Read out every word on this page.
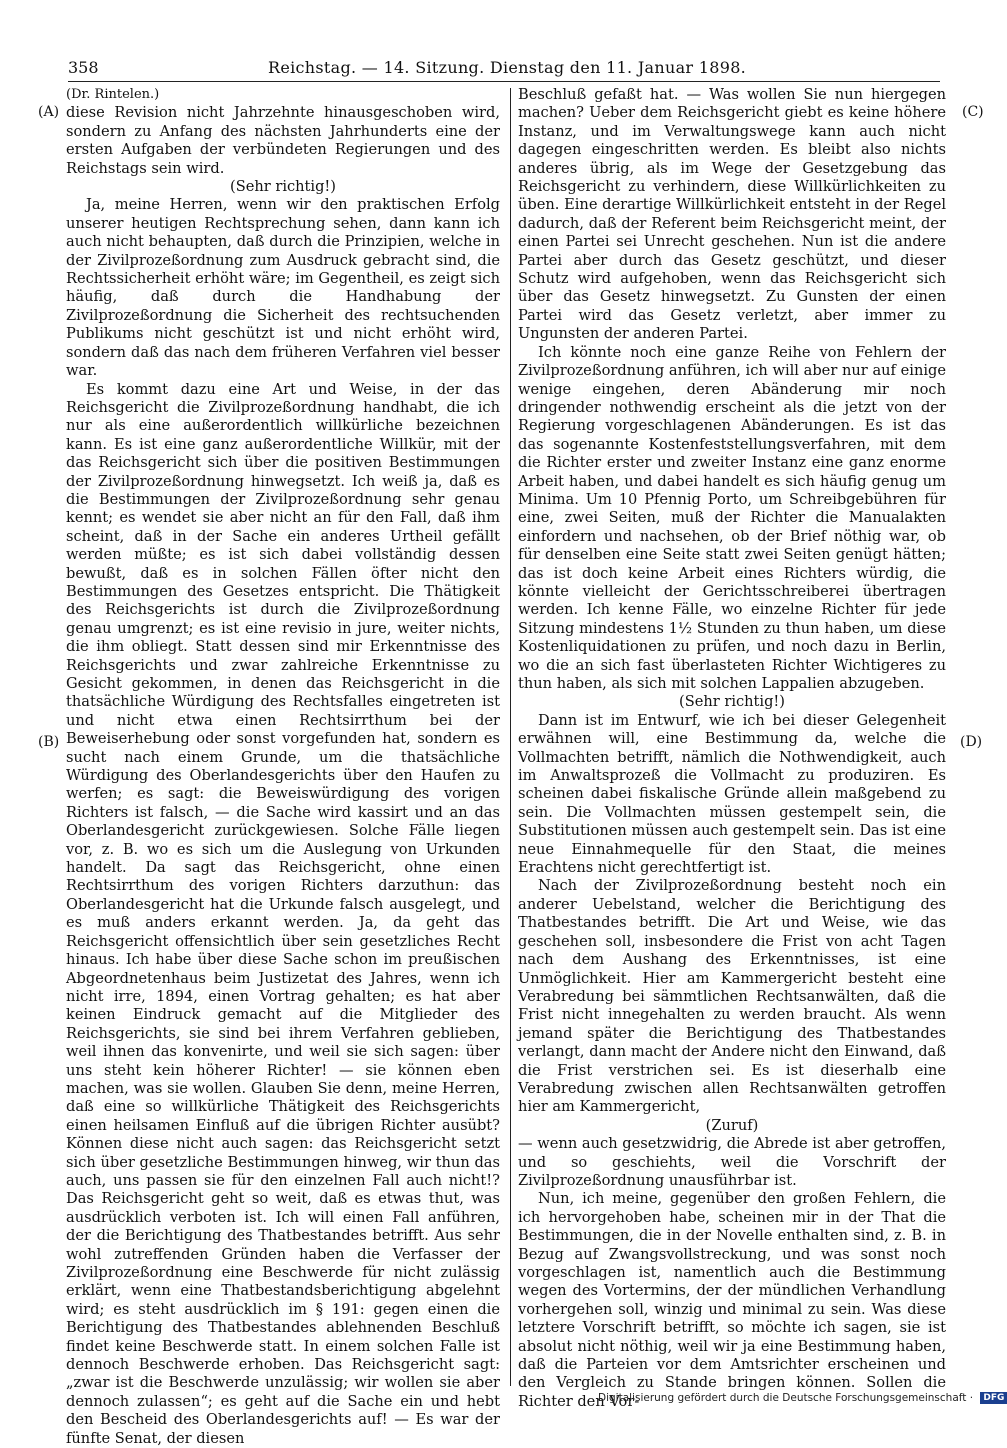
358	Reichstag. — 14. Sitzung. Dienstag den 11. Januar 1898.
(A)
(B)
(C)
(D)

(Dr. Rintelen.)

diese Revision nicht Jahrzehnte hinausgeschoben wird, sondern zu Anfang des nächsten Jahrhunderts eine der ersten Aufgaben der verbündeten Regierungen und des Reichstags sein wird.

(Sehr richtig!)

Ja, meine Herren, wenn wir den praktischen Erfolg unserer heutigen Rechtsprechung sehen, dann kann ich auch nicht behaupten, daß durch die Prinzipien, welche in der Zivilprozeßordnung zum Ausdruck gebracht sind, die Rechtssicherheit erhöht wäre; im Gegentheil, es zeigt sich häufig, daß durch die Handhabung der Zivilprozeßordnung die Sicherheit des rechtsuchenden Publikums nicht geschützt ist und nicht erhöht wird, sondern daß das nach dem früheren Verfahren viel besser war.

Es kommt dazu eine Art und Weise, in der das Reichsgericht die Zivilprozeßordnung handhabt, die ich nur als eine außerordentlich willkürliche bezeichnen kann. Es ist eine ganz außerordentliche Willkür, mit der das Reichsgericht sich über die positiven Bestimmungen der Zivilprozeßordnung hinwegsetzt. Ich weiß ja, daß es die Bestimmungen der Zivilprozeßordnung sehr genau kennt; es wendet sie aber nicht an für den Fall, daß ihm scheint, daß in der Sache ein anderes Urtheil gefällt werden müßte; es ist sich dabei vollständig dessen bewußt, daß es in solchen Fällen öfter nicht den Bestimmungen des Gesetzes entspricht. Die Thätigkeit des Reichsgerichts ist durch die Zivilprozeßordnung genau umgrenzt; es ist eine revisio in jure, weiter nichts, die ihm obliegt. Statt dessen sind mir Erkenntnisse des Reichsgerichts und zwar zahlreiche Erkenntnisse zu Gesicht gekommen, in denen das Reichsgericht in die thatsächliche Würdigung des Rechtsfalles eingetreten ist und nicht etwa einen Rechtsirrthum bei der Beweiserhebung oder sonst vorgefunden hat, sondern es sucht nach einem Grunde, um die thatsächliche Würdigung des Oberlandesgerichts über den Haufen zu werfen; es sagt: die Beweiswürdigung des vorigen Richters ist falsch, — die Sache wird kassirt und an das Oberlandesgericht zurückgewiesen. Solche Fälle liegen vor, z. B. wo es sich um die Auslegung von Urkunden handelt. Da sagt das Reichsgericht, ohne einen Rechtsirrthum des vorigen Richters darzuthun: das Oberlandesgericht hat die Urkunde falsch ausgelegt, und es muß anders erkannt werden. Ja, da geht das Reichsgericht offensichtlich über sein gesetzliches Recht hinaus. Ich habe über diese Sache schon im preußischen Abgeordnetenhaus beim Justizetat des Jahres, wenn ich nicht irre, 1894, einen Vortrag gehalten; es hat aber keinen Eindruck gemacht auf die Mitglieder des Reichsgerichts, sie sind bei ihrem Verfahren geblieben, weil ihnen das konvenirte, und weil sie sich sagen: über uns steht kein höherer Richter! — sie können eben machen, was sie wollen. Glauben Sie denn, meine Herren, daß eine so willkürliche Thätigkeit des Reichsgerichts einen heilsamen Einfluß auf die übrigen Richter ausübt? Können diese nicht auch sagen: das Reichsgericht setzt sich über gesetzliche Bestimmungen hinweg, wir thun das auch, uns passen sie für den einzelnen Fall auch nicht!? Das Reichsgericht geht so weit, daß es etwas thut, was ausdrücklich verboten ist. Ich will einen Fall anführen, der die Berichtigung des Thatbestandes betrifft. Aus sehr wohl zutreffenden Gründen haben die Verfasser der Zivilprozeßordnung eine Beschwerde für nicht zulässig erklärt, wenn eine Thatbestandsberichtigung abgelehnt wird; es steht ausdrücklich im § 191: gegen einen die Berichtigung des Thatbestandes ablehnenden Beschluß findet keine Beschwerde statt. In einem solchen Falle ist dennoch Beschwerde erhoben. Das Reichsgericht sagt: „zwar ist die Beschwerde unzulässig; wir wollen sie aber dennoch zulassen“; es geht auf die Sache ein und hebt den Bescheid des Oberlandesgerichts auf! — Es war der fünfte Senat, der diesen

Beschluß gefaßt hat. — Was wollen Sie nun hiergegen machen? Ueber dem Reichsgericht giebt es keine höhere Instanz, und im Verwaltungswege kann auch nicht dagegen eingeschritten werden. Es bleibt also nichts anderes übrig, als im Wege der Gesetzgebung das Reichsgericht zu verhindern, diese Willkürlichkeiten zu üben. Eine derartige Willkürlichkeit entsteht in der Regel dadurch, daß der Referent beim Reichsgericht meint, der einen Partei sei Unrecht geschehen. Nun ist die andere Partei aber durch das Gesetz geschützt, und dieser Schutz wird aufgehoben, wenn das Reichsgericht sich über das Gesetz hinwegsetzt. Zu Gunsten der einen Partei wird das Gesetz verletzt, aber immer zu Ungunsten der anderen Partei.

Ich könnte noch eine ganze Reihe von Fehlern der Zivilprozeßordnung anführen, ich will aber nur auf einige wenige eingehen, deren Abänderung mir noch dringender nothwendig erscheint als die jetzt von der Regierung vorgeschlagenen Abänderungen. Es ist das das sogenannte Kostenfeststellungsverfahren, mit dem die Richter erster und zweiter Instanz eine ganz enorme Arbeit haben, und dabei handelt es sich häufig genug um Minima. Um 10 Pfennig Porto, um Schreibgebühren für eine, zwei Seiten, muß der Richter die Manualakten einfordern und nachsehen, ob der Brief nöthig war, ob für denselben eine Seite statt zwei Seiten genügt hätten; das ist doch keine Arbeit eines Richters würdig, die könnte vielleicht der Gerichtsschreiberei übertragen werden. Ich kenne Fälle, wo einzelne Richter für jede Sitzung mindestens 1½ Stunden zu thun haben, um diese Kostenliquidationen zu prüfen, und noch dazu in Berlin, wo die an sich fast überlasteten Richter Wichtigeres zu thun haben, als sich mit solchen Lappalien abzugeben.

(Sehr richtig!)

Dann ist im Entwurf, wie ich bei dieser Gelegenheit erwähnen will, eine Bestimmung da, welche die Vollmachten betrifft, nämlich die Nothwendigkeit, auch im Anwaltsprozeß die Vollmacht zu produziren. Es scheinen dabei fiskalische Gründe allein maßgebend zu sein. Die Vollmachten müssen gestempelt sein, die Substitutionen müssen auch gestempelt sein. Das ist eine neue Einnahmequelle für den Staat, die meines Erachtens nicht gerechtfertigt ist.

Nach der Zivilprozeßordnung besteht noch ein anderer Uebelstand, welcher die Berichtigung des Thatbestandes betrifft. Die Art und Weise, wie das geschehen soll, insbesondere die Frist von acht Tagen nach dem Aushang des Erkenntnisses, ist eine Unmöglichkeit. Hier am Kammergericht besteht eine Verabredung bei sämmtlichen Rechtsanwälten, daß die Frist nicht innegehalten zu werden braucht. Als wenn jemand später die Berichtigung des Thatbestandes verlangt, dann macht der Andere nicht den Einwand, daß die Frist verstrichen sei. Es ist dieserhalb eine Verabredung zwischen allen Rechtsanwälten getroffen hier am Kammergericht,

(Zuruf)

— wenn auch gesetzwidrig, die Abrede ist aber getroffen, und so geschiehts, weil die Vorschrift der Zivilprozeßordnung unausführbar ist.

Nun, ich meine, gegenüber den großen Fehlern, die ich hervorgehoben habe, scheinen mir in der That die Bestimmungen, die in der Novelle enthalten sind, z. B. in Bezug auf Zwangsvollstreckung, und was sonst noch vorgeschlagen ist, namentlich auch die Bestimmung wegen des Vortermins, der der mündlichen Verhandlung vorhergehen soll, winzig und minimal zu sein. Was diese letztere Vorschrift betrifft, so möchte ich sagen, sie ist absolut nicht nöthig, weil wir ja eine Bestimmung haben, daß die Parteien vor dem Amtsrichter erscheinen und den Vergleich zu Stande bringen können. Sollen die Richter den Vor-

Digitalisierung gefördert durch die Deutsche Forschungsgemeinschaft · DFG
